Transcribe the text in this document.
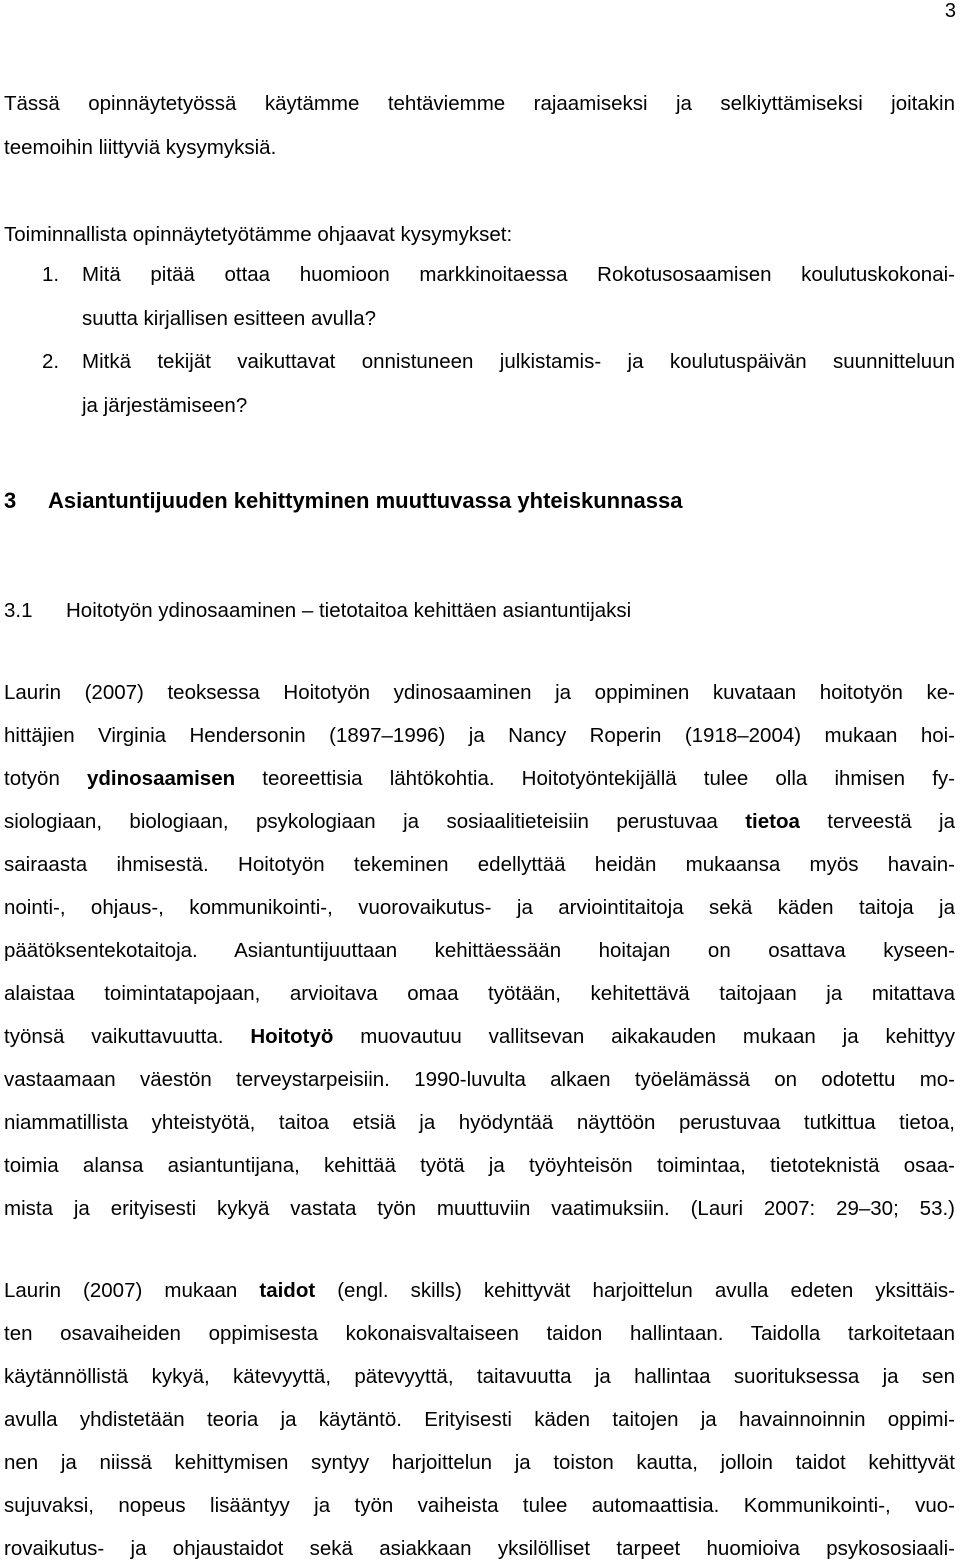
3
Tässä opinnäytetyössä käytämme tehtäviemme rajaamiseksi ja selkiyttämiseksi joitakin
teemoihin liittyviä kysymyksiä.
Toiminnallista opinnäytetyötämme ohjaavat kysymykset:
1. Mitä pitää ottaa huomioon markkinoitaessa Rokotusosaamisen koulutuskokonai-
suutta kirjallisen esitteen avulla?
2. Mitkä tekijät vaikuttavat onnistuneen julkistamis- ja koulutuspäivän suunnitteluun
ja järjestämiseen?
3 Asiantuntijuuden kehittyminen muuttuvassa yhteiskunnassa
3.1 Hoitotyön ydinosaaminen – tietotaitoa kehittäen asiantuntijaksi
Laurin (2007) teoksessa Hoitotyön ydinosaaminen ja oppiminen kuvataan hoitotyön ke-
hittäjien Virginia Hendersonin (1897–1996) ja Nancy Roperin (1918–2004) mukaan hoi-
totyön ydinosaamisen teoreettisia lähtökohtia. Hoitotyöntekijällä tulee olla ihmisen fy-
siologiaan, biologiaan, psykologiaan ja sosiaalitieteisiin perustuvaa tietoa terveestä ja
sairaasta ihmisestä. Hoitotyön tekeminen edellyttää heidän mukaansa myös havain-
nointi-, ohjaus-, kommunikointi-, vuorovaikutus- ja arviointitaitoja sekä käden taitoja ja
päätöksentekotaitoja. Asiantuntijuuttaan kehittäessään hoitajan on osattava kyseen-
alaistaa toimintatapojaan, arvioitava omaa työtään, kehitettävä taitojaan ja mitattava
työnsä vaikuttavuutta. Hoitotyö muovautuu vallitsevan aikakauden mukaan ja kehittyy
vastaamaan väestön terveystarpeisiin. 1990-luvulta alkaen työelämässä on odotettu mo-
niammatillista yhteistyötä, taitoa etsiä ja hyödyntää näyttöön perustuvaa tutkittua tietoa,
toimia alansa asiantuntijana, kehittää työtä ja työyhteisön toimintaa, tietoteknistä osaa-
mista ja erityisesti kykyä vastata työn muuttuviin vaatimuksiin. (Lauri 2007: 29–30; 53.)
Laurin (2007) mukaan taidot (engl. skills) kehittyvät harjoittelun avulla edeten yksittäis-
ten osavaiheiden oppimisesta kokonaisvaltaiseen taidon hallintaan. Taidolla tarkoitetaan
käytännöllistä kykyä, kätevyyttä, pätevyyttä, taitavuutta ja hallintaa suorituksessa ja sen
avulla yhdistetään teoria ja käytäntö. Erityisesti käden taitojen ja havainnoinnin oppimi-
nen ja niissä kehittymisen syntyy harjoittelun ja toiston kautta, jolloin taidot kehittyvät
sujuvaksi, nopeus lisääntyy ja työn vaiheista tulee automaattisia. Kommunikointi-, vuo-
rovaikutus- ja ohjaustaidot sekä asiakkaan yksilölliset tarpeet huomioiva psykososiaali-
